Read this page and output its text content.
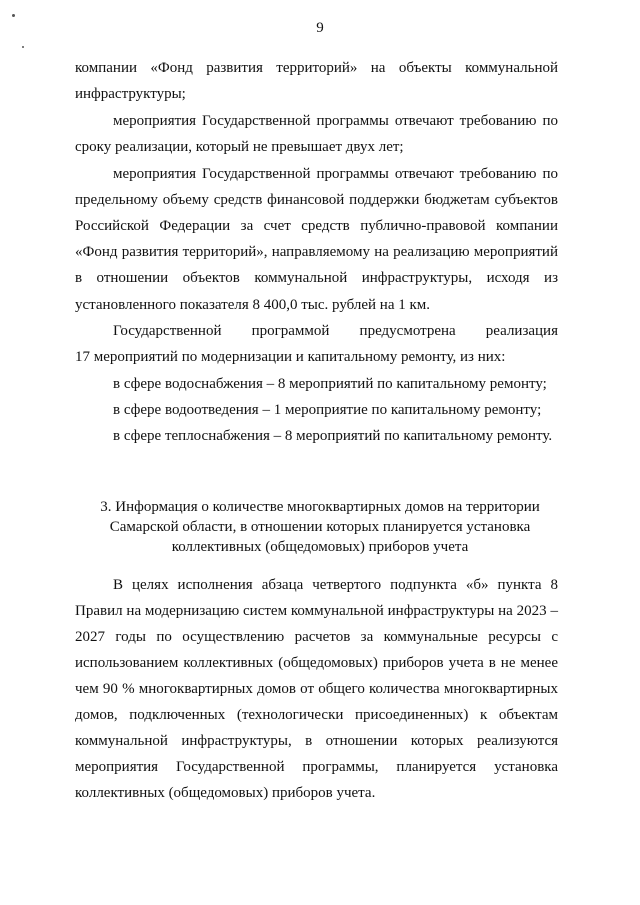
9
компании «Фонд развития территорий» на объекты коммунальной
инфраструктуры;
мероприятия Государственной программы отвечают требованию по
сроку реализации, который не превышает двух лет;
мероприятия Государственной программы отвечают требованию по
предельному объему средств финансовой поддержки бюджетам субъектов
Российской Федерации за счет средств публично-правовой компании
«Фонд развития территорий», направляемому на реализацию мероприятий
в отношении объектов коммунальной инфраструктуры, исходя из
установленного показателя 8 400,0 тыс. рублей на 1 км.
Государственной программой предусмотрена реализация
17 мероприятий по модернизации и капитальному ремонту, из них:
в сфере водоснабжения – 8 мероприятий по капитальному ремонту;
в сфере водоотведения – 1 мероприятие по капитальному ремонту;
в сфере теплоснабжения – 8 мероприятий по капитальному ремонту.
3. Информация о количестве многоквартирных домов на территории
Самарской области, в отношении которых планируется установка
коллективных (общедомовых) приборов учета
В целях исполнения абзаца четвертого подпункта «б» пункта 8
Правил на модернизацию систем коммунальной инфраструктуры на 2023 –
2027 годы по осуществлению расчетов за коммунальные ресурсы с
использованием коллективных (общедомовых) приборов учета в не менее
чем 90 % многоквартирных домов от общего количества многоквартирных
домов, подключенных (технологически присоединенных) к объектам
коммунальной инфраструктуры, в отношении которых реализуются
мероприятия Государственной программы, планируется установка
коллективных (общедомовых) приборов учета.
